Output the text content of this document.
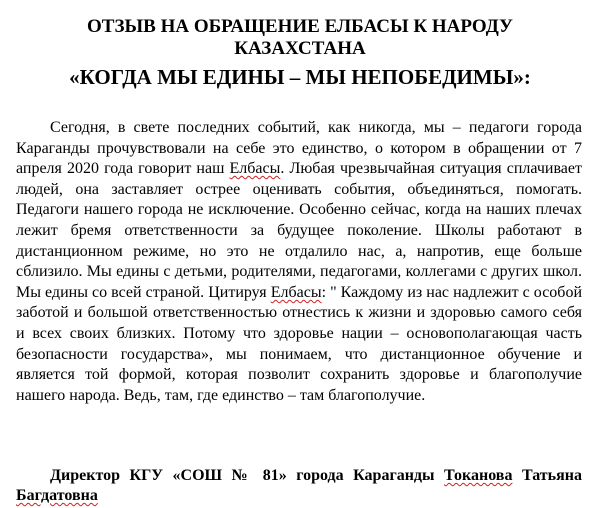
ОТЗЫВ НА ОБРАЩЕНИЕ ЕЛБАСЫ К НАРОДУ
КАЗАХСТАНА
«КОГДА МЫ ЕДИНЫ – МЫ НЕПОБЕДИМЫ»:

Сегодня, в свете последних событий, как никогда, мы – педагоги города Караганды прочувствовали на себе это единство, о котором в обращении от 7 апреля 2020 года говорит наш Елбасы. Любая чрезвычайная ситуация сплачивает людей, она заставляет острее оценивать события, объединяться, помогать. Педагоги нашего города не исключение. Особенно сейчас, когда на наших плечах лежит бремя ответственности за будущее поколение. Школы работают в дистанционном режиме, но это не отдалило нас, а, напротив, еще больше сблизило. Мы едины с детьми, родителями, педагогами, коллегами с других школ. Мы едины со всей страной. Цитируя Елбасы: " Каждому из нас надлежит с особой заботой и большой ответственностью отнестись к жизни и здоровью самого себя и всех своих близких. Потому что здоровье нации – основополагающая часть безопасности государства», мы понимаем, что дистанционное обучение и является той формой, которая позволит сохранить здоровье и благополучие нашего народа. Ведь, там, где единство – там благополучие.

Директор КГУ «СОШ № 81» города Караганды Токанова Татьяна Багдатовна
